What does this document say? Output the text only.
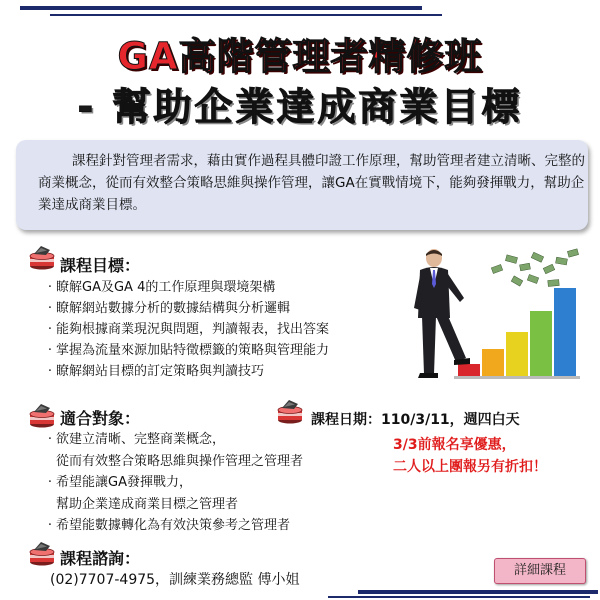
GA高階管理者精修班
- 幫助企業達成商業目標
課程針對管理者需求，藉由實作過程具體印證工作原理，幫助管理者建立清晰、完整的商業概念，從而有效整合策略思維與操作管理，讓GA在實戰情境下，能夠發揮戰力，幫助企業達成商業目標。
課程目標：
· 瞭解GA及GA 4的工作原理與環境架構
· 瞭解網站數據分析的數據結構與分析邏輯
· 能夠根據商業現況與問題，判讀報表，找出答案
· 掌握為流量來源加貼特徵標籤的策略與管理能力
· 瞭解網站目標的訂定策略與判讀技巧
適合對象：
· 欲建立清晰、完整商業概念，
從而有效整合策略思維與操作管理之管理者
· 希望能讓GA發揮戰力，
幫助企業達成商業目標之管理者
· 希望能數據轉化為有效決策參考之管理者
課程日期：110/3/11，週四白天
3/3前報名享優惠，
二人以上團報另有折扣！
課程諮詢：
(02)7707-4975，訓練業務總監 傅小姐
詳細課程
